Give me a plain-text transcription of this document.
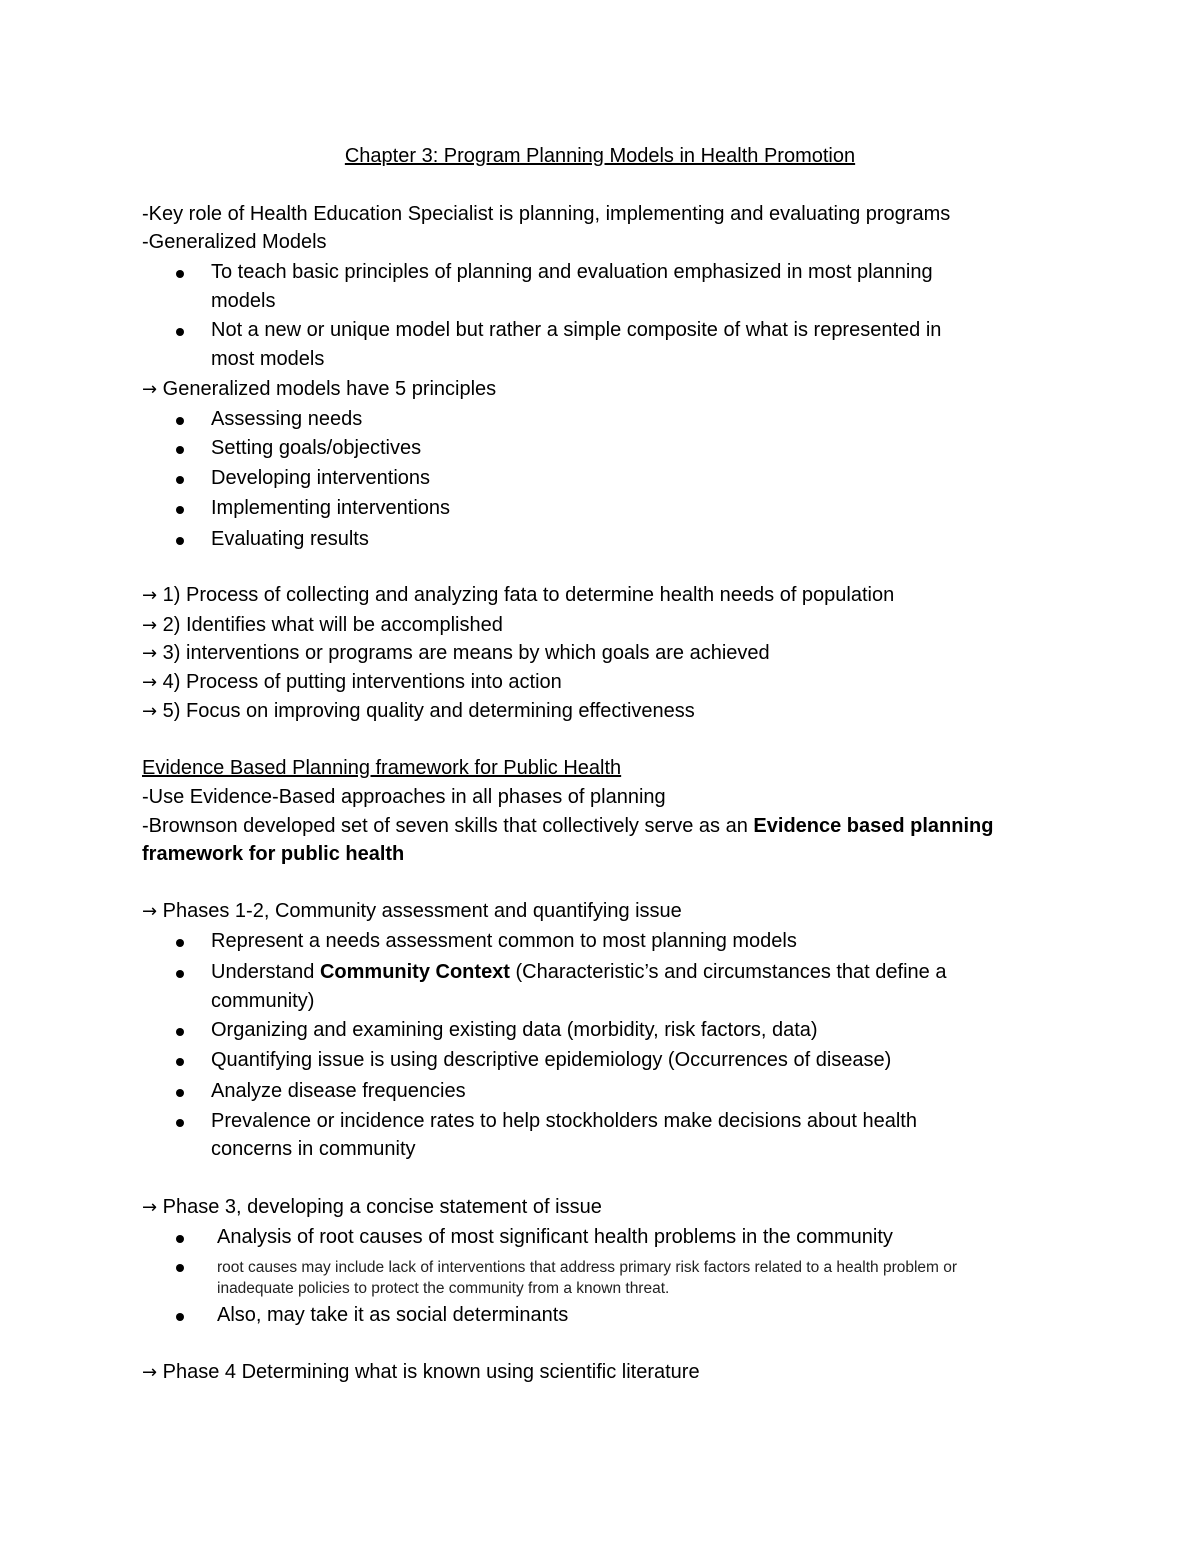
Chapter 3: Program Planning Models in Health Promotion
-Key role of Health Education Specialist is planning, implementing and evaluating programs
-Generalized Models
To teach basic principles of planning and evaluation emphasized in most planning
models
Not a new or unique model but rather a simple composite of what is represented in
most models
→ Generalized models have 5 principles
Assessing needs
Setting goals/objectives
Developing interventions
Implementing interventions
Evaluating results
→ 1) Process of collecting and analyzing fata to determine health needs of population
→ 2) Identifies what will be accomplished
→ 3) interventions or programs are means by which goals are achieved
→ 4) Process of putting interventions into action
→ 5) Focus on improving quality and determining effectiveness
Evidence Based Planning framework for Public Health
-Use Evidence-Based approaches in all phases of planning
-Brownson developed set of seven skills that collectively serve as an Evidence based planning
framework for public health
→ Phases 1-2, Community assessment and quantifying issue
Represent a needs assessment common to most planning models
Understand Community Context (Characteristic’s and circumstances that define a
community)
Organizing and examining existing data (morbidity, risk factors, data)
Quantifying issue is using descriptive epidemiology (Occurrences of disease)
Analyze disease frequencies
Prevalence or incidence rates to help stockholders make decisions about health
concerns in community
→ Phase 3, developing a concise statement of issue
Analysis of root causes of most significant health problems in the community
root causes may include lack of interventions that address primary risk factors related to a health problem or
inadequate policies to protect the community from a known threat.
Also, may take it as social determinants
→ Phase 4 Determining what is known using scientific literature
